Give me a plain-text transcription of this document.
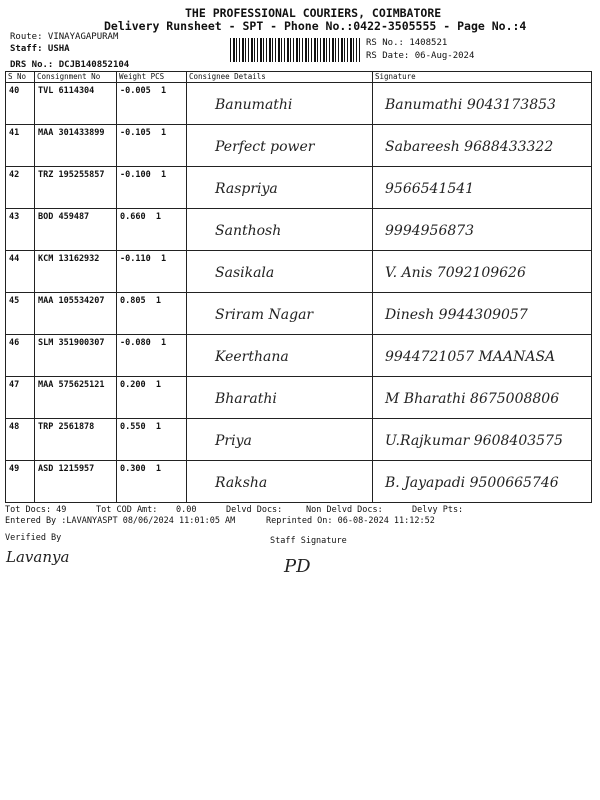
THE PROFESSIONAL COURIERS, COIMBATORE
Delivery Runsheet - SPT - Phone No.:0422-3505555 - Page No.:4
Route: VINAYAGAPURAM
Staff: USHA
DRS No.: DCJB140852104
RS No.: 1408521
RS Date: 06-Aug-2024
S No	Consignment No	Weight PCS	Consignee Details	Signature

40	TVL 6114304	-0.005 1	Banumathi	Banumathi 9043173853

41	MAA 301433899	-0.105 1	Perfect power	Sabareesh 9688433322

42	TRZ 195255857	-0.100 1	Raspriya	9566541541

43	BOD 459487	0.660 1	Santhosh	9994956873

44	KCM 13162932	-0.110 1	Sasikala	V. Anis 7092109626

45	MAA 105534207	0.805 1	Sriram Nagar	Dinesh 9944309057

46	SLM 351900307	-0.080 1	Keerthana	9944721057 MAANASA

47	MAA 575625121	0.200 1	Bharathi	M Bharathi 8675008806

48	TRP 2561878	0.550 1	Priya	U.Rajkumar 9608403575

49	ASD 1215957	0.300 1	Raksha	B. Jayapadi 9500665746
Tot Docs: 49	Tot COD Amt: 0.00	Delvd Docs:	Non Delvd Docs:	Delvy Pts:
Entered By :LAVANYASPT 08/06/2024 11:01:05 AM	Reprinted On: 06-08-2024 11:12:52
Verified By
Lavanya
Staff Signature
PD
